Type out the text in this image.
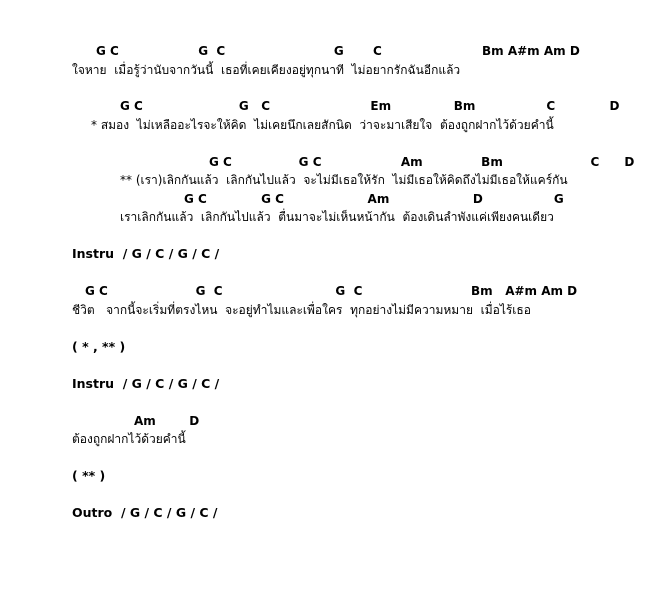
G C                   G  C                          G       C                        Bm A#m Am D
ใจหาย  เมื่อรู้ว่านับจากวันนี้  เธอที่เคยเคียงอยู่ทุกนาที  ไม่อยากรักฉันอีกแล้ว
G C                       G   C                        Em               Bm                 C             D
* สมอง  ไม่เหลืออะไรจะให้คิด  ไม่เคยนึกเลยสักนิด  ว่าจะมาเสียใจ  ต้องถูกฝากไว้ด้วยคำนี้
G C                G C                   Am              Bm                     C      D
** (เรา)เลิกกันแล้ว  เลิกกันไปแล้ว  จะไม่มีเธอให้รัก  ไม่มีเธอให้คิดถึงไม่มีเธอให้แคร์กัน
G C             G C                    Am                    D                 G
เราเลิกกันแล้ว  เลิกกันไปแล้ว  ตื่นมาจะไม่เห็นหน้ากัน  ต้องเดินลำพังแค่เพียงคนเดียว
Instru  / G / C / G / C /
G C                     G  C                           G  C                          Bm   A#m Am D
ชีวิต   จากนี้จะเริ่มที่ตรงไหน  จะอยู่ทำไมและเพื่อใคร  ทุกอย่างไม่มีความหมาย  เมื่อไร้เธอ
( * , ** )
Instru  / G / C / G / C /
Am        D
ต้องถูกฝากไว้ด้วยคำนี้
( ** )
Outro  / G / C / G / C /
